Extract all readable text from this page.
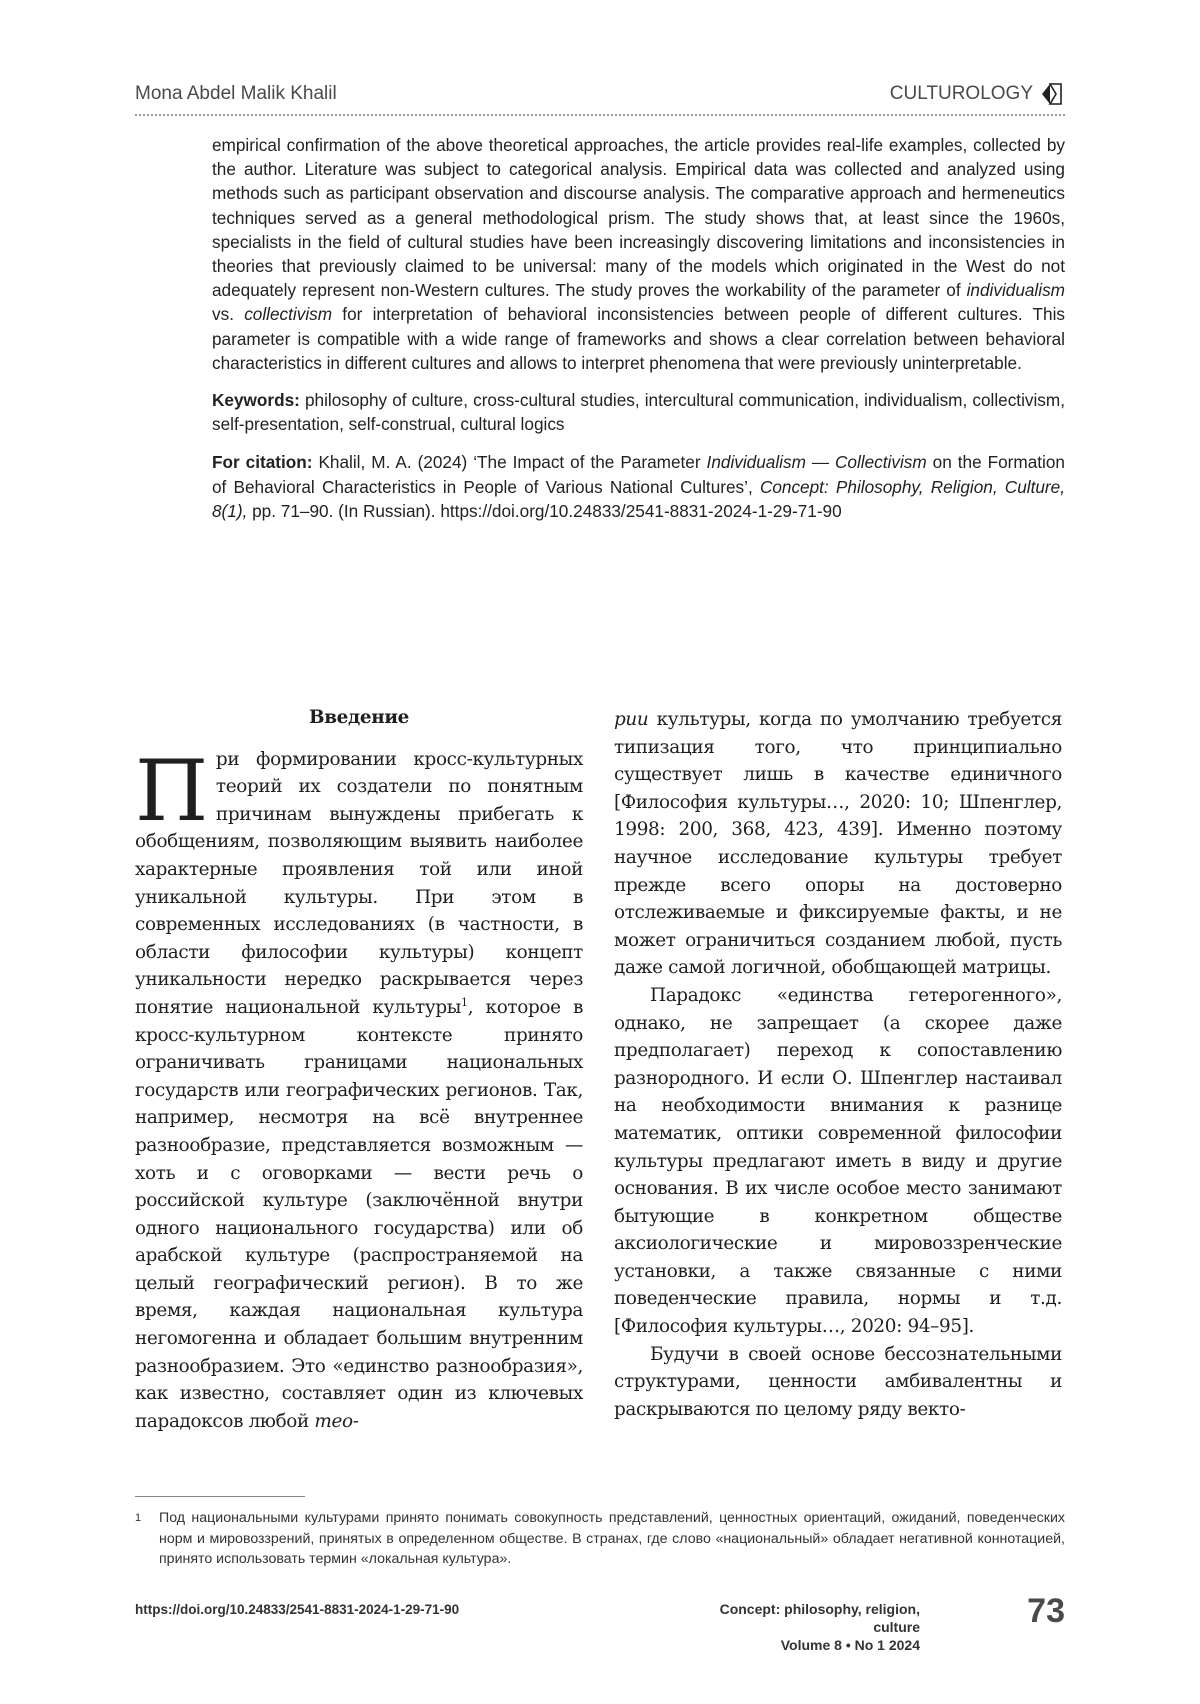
Mona Abdel Malik Khalil	CULTUROLOGY

empirical confirmation of the above theoretical approaches, the article provides real-life examples, collected by the author. Literature was subject to categorical analysis. Empirical data was collected and analyzed using methods such as participant observation and discourse analysis. The comparative approach and hermeneutics techniques served as a general methodological prism. The study shows that, at least since the 1960s, specialists in the field of cultural studies have been increasingly discovering limitations and inconsistencies in theories that previously claimed to be universal: many of the models which originated in the West do not adequately represent non-Western cultures. The study proves the workability of the parameter of individualism vs. collectivism for interpretation of behavioral inconsistencies between people of different cultures. This parameter is compatible with a wide range of frameworks and shows a clear correlation between behavioral characteristics in different cultures and allows to interpret phenomena that were previously uninterpretable.

Keywords: philosophy of culture, cross-cultural studies, intercultural communication, individualism, collectivism, self-presentation, self-construal, cultural logics

For citation: Khalil, M. A. (2024) ‘The Impact of the Parameter Individualism — Collectivism on the Formation of Behavioral Characteristics in People of Various National Cultures’, Concept: Philosophy, Religion, Culture, 8(1), pp. 71–90. (In Russian). https://doi.org/10.24833/2541-8831-2024-1-29-71-90

Введение

При формировании кросс-культурных теорий их создатели по понятным причинам вынуждены прибегать к обобщениям, позволяющим выявить наиболее характерные проявления той или иной уникальной культуры. При этом в современных исследованиях (в частности, в области философии культуры) концепт уникальности нередко раскрывается через понятие национальной культуры$^1$, которое в кросс-культурном контексте принято ограничивать границами национальных государств или географических регионов. Так, например, несмотря на всё внутреннее разнообразие, представляется возможным — хоть и с оговорками — вести речь о российской культуре (заключённой внутри одного национального государства) или об арабской культуре (распространяемой на целый географический регион). В то же время, каждая национальная культура негомогенна и обладает большим внутренним разнообразием. Это «единство разнообразия», как известно, составляет один из ключевых парадоксов любой тео-

рии культуры, когда по умолчанию требуется типизация того, что принципиально существует лишь в качестве единичного [Философия культуры…, 2020: 10; Шпенглер, 1998: 200, 368, 423, 439]. Именно поэтому научное исследование культуры требует прежде всего опоры на достоверно отслеживаемые и фиксируемые факты, и не может ограничиться созданием любой, пусть даже самой логичной, обобщающей матрицы.

Парадокс «единства гетерогенного», однако, не запрещает (а скорее даже предполагает) переход к сопоставлению разнородного. И если О. Шпенглер настаивал на необходимости внимания к разнице математик, оптики современной философии культуры предлагают иметь в виду и другие основания. В их числе особое место занимают бытующие в конкретном обществе аксиологические и мировоззренческие установки, а также связанные с ними поведенческие правила, нормы и т.д. [Философия культуры…, 2020: 94–95].

Будучи в своей основе бессознательными структурами, ценности амбивалентны и раскрываются по целому ряду векто-

1	Под национальными культурами принято понимать совокупность представлений, ценностных ориентаций, ожиданий, поведенческих норм и мировоззрений, принятых в определенном обществе. В странах, где слово «национальный» обладает негативной коннотацией, принято использовать термин «локальная культура».
https://doi.org/10.24833/2541-8831-2024-1-29-71-90	Concept: philosophy, religion, culture
Volume 8 • No 1 2024
73
